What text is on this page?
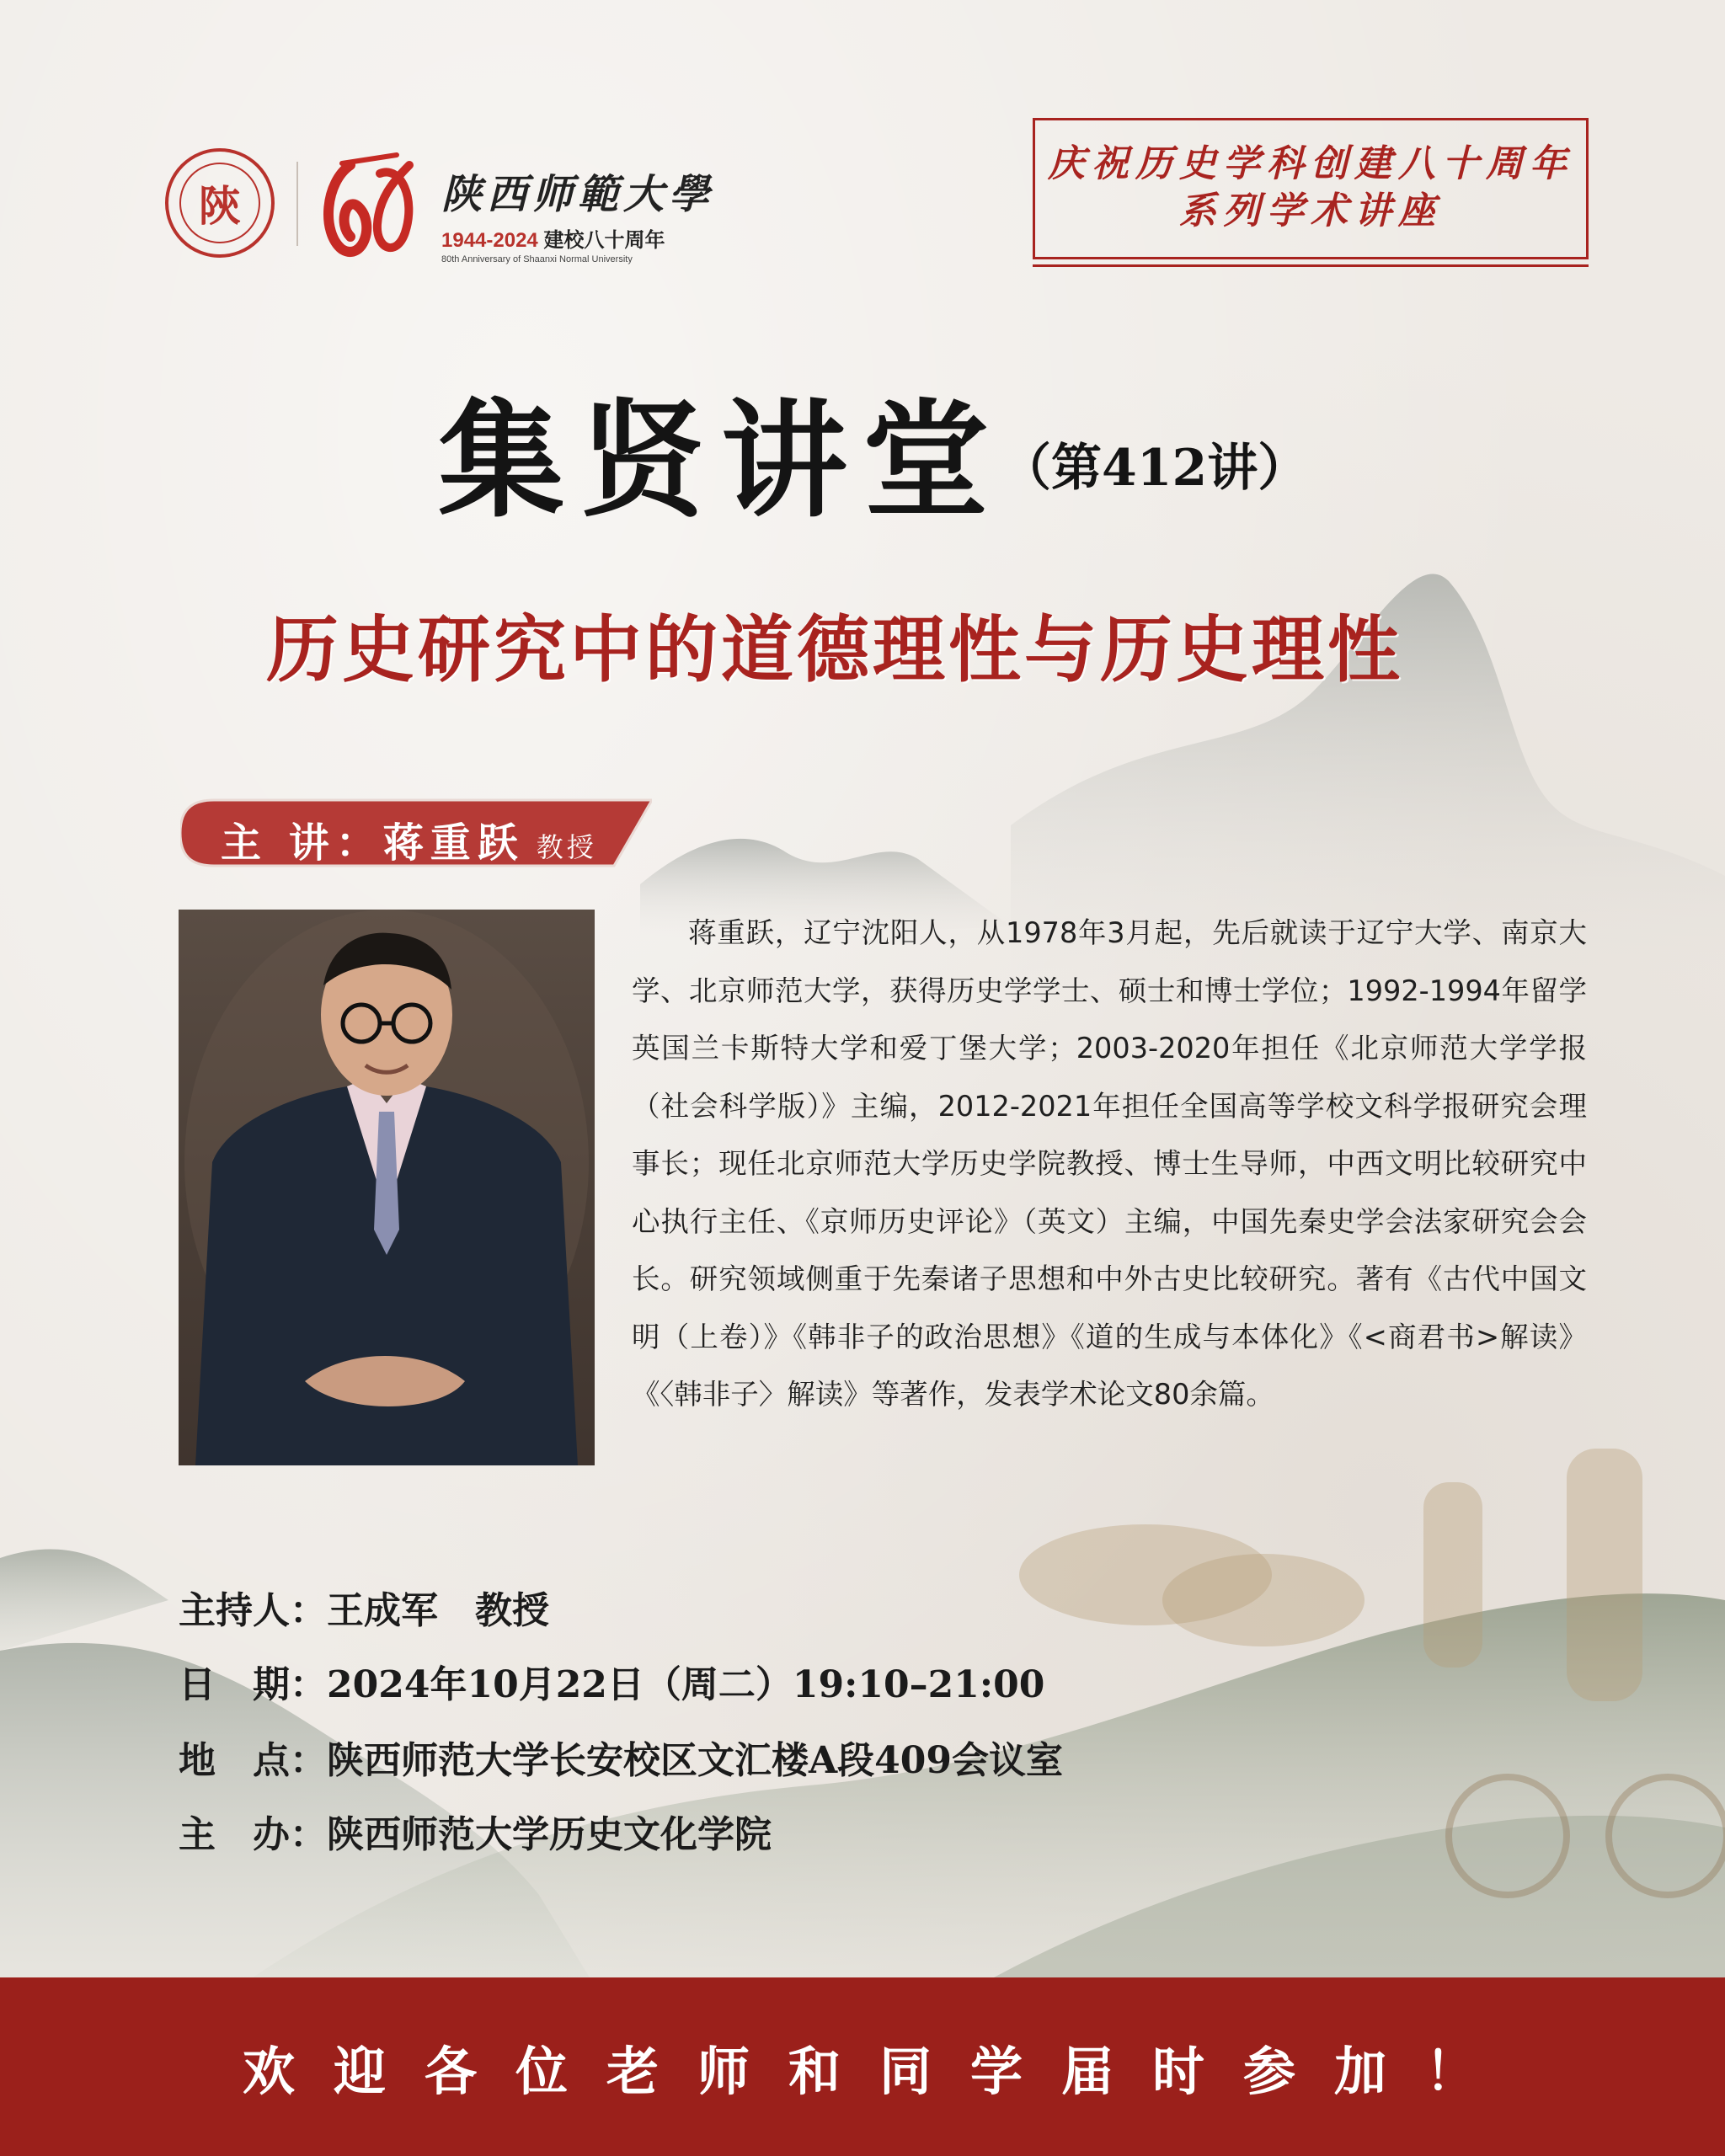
陝	陕西师範大學
1944-2024 建校八十周年
80th Anniversary of Shaanxi Normal University
庆祝历史学科创建八十周年
系列学术讲座
集贤讲堂
（第412讲）
历史研究中的道德理性与历史理性
主 讲：蒋重跃 教授
蒋重跃，辽宁沈阳人，从1978年3月起，先后就读于辽宁大学、南京大学、北京师范大学，获得历史学学士、硕士和博士学位；1992-1994年留学英国兰卡斯特大学和爱丁堡大学；2003-2020年担任《北京师范大学学报（社会科学版）》主编，2012-2021年担任全国高等学校文科学报研究会理事长；现任北京师范大学历史学院教授、博士生导师，中西文明比较研究中心执行主任、《京师历史评论》（英文）主编，中国先秦史学会法家研究会会长。研究领域侧重于先秦诸子思想和中外古史比较研究。著有《古代中国文明（上卷）》《韩非子的政治思想》《道的生成与本体化》《<商君书>解读》《〈韩非子〉解读》等著作，发表学术论文80余篇。
主持人：王成军　教授
日　期：2024年10月22日（周二）19:10–21:00
地　点：陕西师范大学长安校区文汇楼A段409会议室
主　办：陕西师范大学历史文化学院
欢迎各位老师和同学届时参加！
